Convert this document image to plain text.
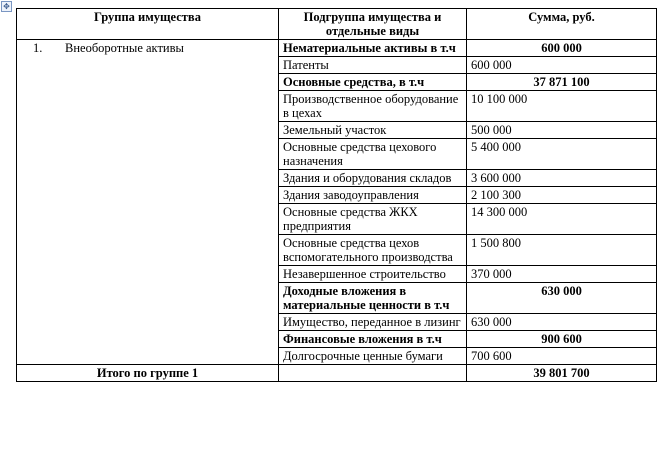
✥
Группа имущества	Подгруппа имущества и отдельные виды	Сумма, руб.
1. Внеоборотные активы	Нематериальные активы в т.ч	600 000
	Патенты	600 000
	Основные средства, в т.ч	37 871 100
	Производственное оборудование в цехах	10 100 000
	Земельный участок	500 000
	Основные средства цехового назначения	5 400 000
	Здания и оборудования складов	3 600 000
	Здания заводоуправления	2 100 300
	Основные средства ЖКХ предприятия	14 300 000
	Основные средства цехов вспомогательного производства	1 500 800
	Незавершенное строительство	370 000
	Доходные вложения в материальные ценности в т.ч	630 000
	Имущество, переданное в лизинг	630 000
	Финансовые вложения в т.ч	900 600
	Долгосрочные ценные бумаги	700 600
Итого по группе 1		39 801 700
